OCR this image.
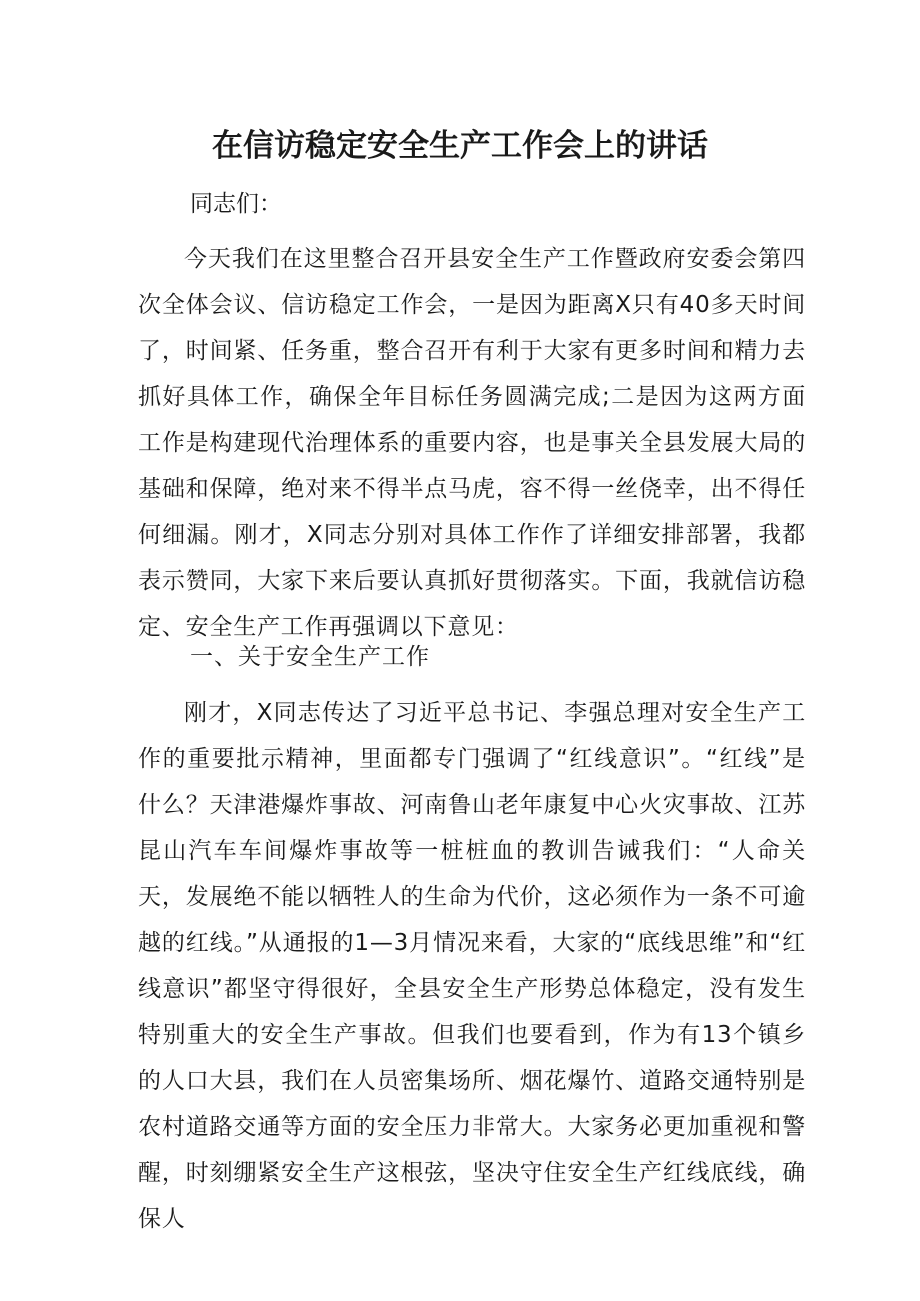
在信访稳定安全生产工作会上的讲话
同志们：

今天我们在这里整合召开县安全生产工作暨政府安委会第四次全体会议、信访稳定工作会，一是因为距离X只有40多天时间了，时间紧、任务重，整合召开有利于大家有更多时间和精力去抓好具体工作，确保全年目标任务圆满完成;二是因为这两方面工作是构建现代治理体系的重要内容，也是事关全县发展大局的基础和保障，绝对来不得半点马虎，容不得一丝侥幸，出不得任何细漏。刚才，X同志分别对具体工作作了详细安排部署，我都表示赞同，大家下来后要认真抓好贯彻落实。下面，我就信访稳定、安全生产工作再强调以下意见：

一、关于安全生产工作

刚才，X同志传达了习近平总书记、李强总理对安全生产工作的重要批示精神，里面都专门强调了“红线意识”。“红线”是什么？天津港爆炸事故、河南鲁山老年康复中心火灾事故、江苏昆山汽车车间爆炸事故等一桩桩血的教训告诫我们：“人命关天，发展绝不能以牺牲人的生命为代价，这必须作为一条不可逾越的红线。”从通报的1—3月情况来看，大家的“底线思维”和“红线意识”都坚守得很好，全县安全生产形势总体稳定，没有发生特别重大的安全生产事故。但我们也要看到，作为有13个镇乡的人口大县，我们在人员密集场所、烟花爆竹、道路交通特别是农村道路交通等方面的安全压力非常大。大家务必更加重视和警醒，时刻绷紧安全生产这根弦，坚决守住安全生产红线底线，确保人
